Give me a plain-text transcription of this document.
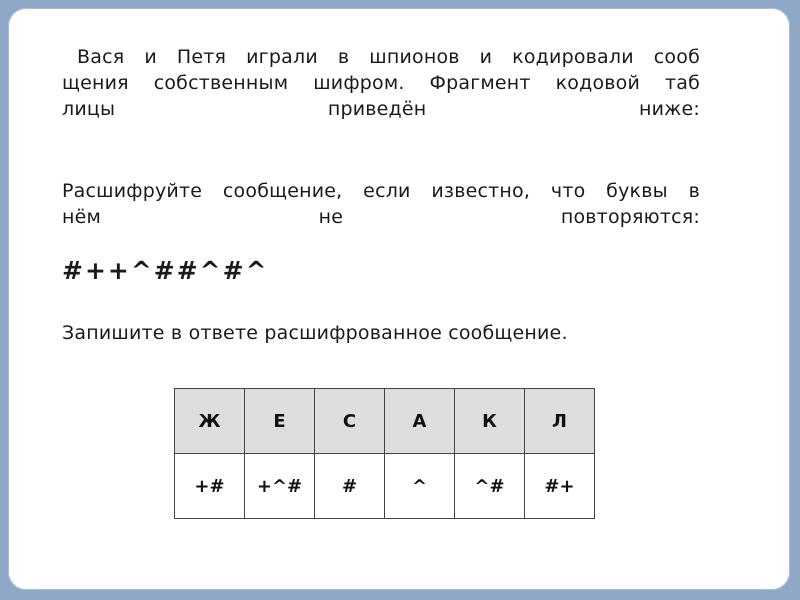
Вася и Петя играли в шпионов и кодировали сооб
щения собственным шифром. Фрагмент кодовой таб
лицы приведён ниже:
Расшифруйте сообщение, если известно, что буквы в
нём не повторяются:
#++^##^#^
Запишите в ответе расшифрованное сообщение.
Ж	Е	С	А	К	Л
+#	+^#	#	^	^#	#+
